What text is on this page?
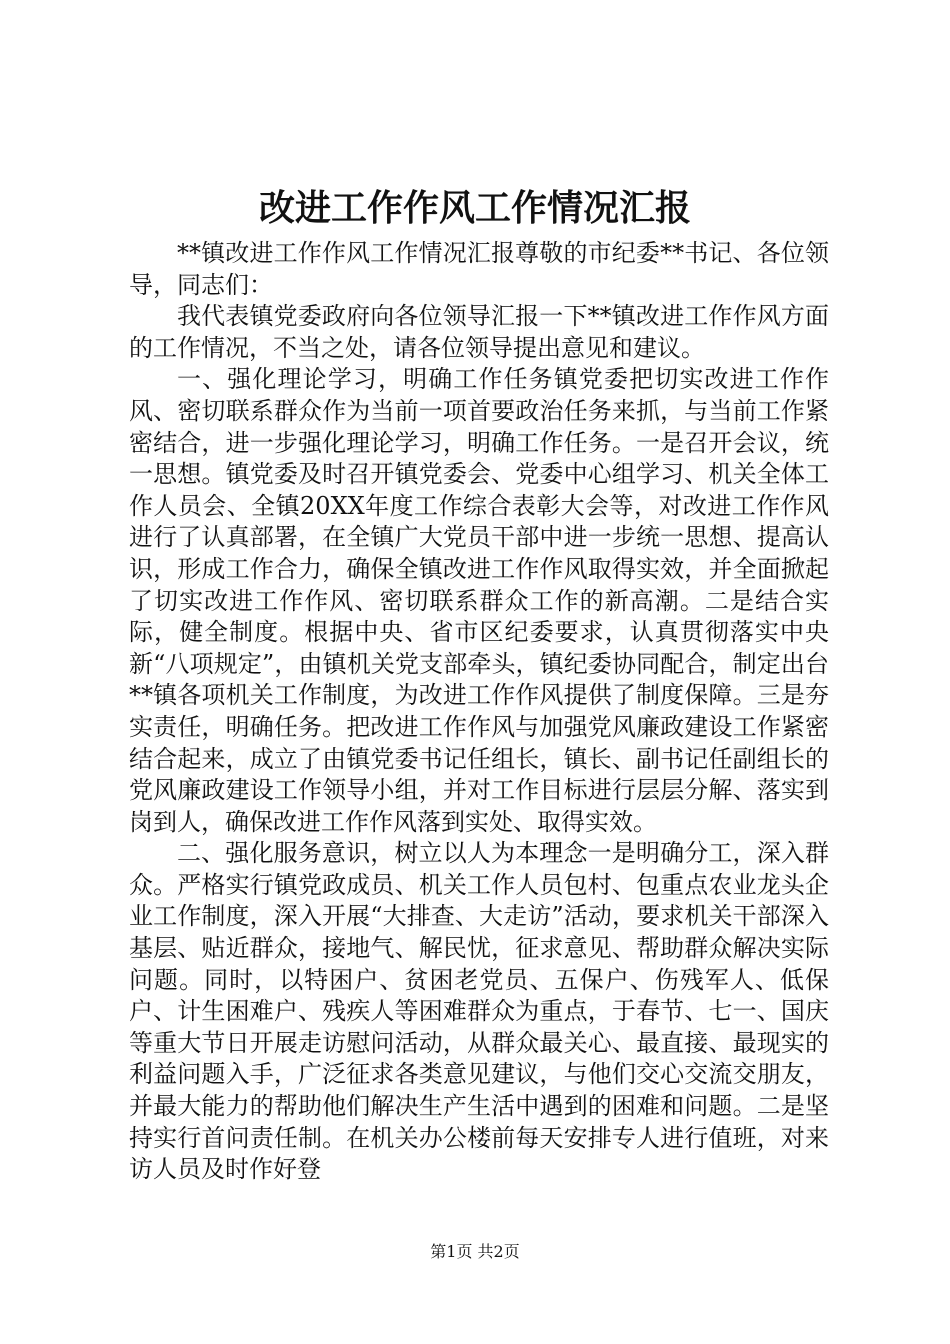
改进工作作风工作情况汇报

**镇改进工作作风工作情况汇报尊敬的市纪委**书记、各位领导，同志们：

我代表镇党委政府向各位领导汇报一下**镇改进工作作风方面的工作情况，不当之处，请各位领导提出意见和建议。

一、强化理论学习，明确工作任务镇党委把切实改进工作作风、密切联系群众作为当前一项首要政治任务来抓，与当前工作紧密结合，进一步强化理论学习，明确工作任务。一是召开会议，统一思想。镇党委及时召开镇党委会、党委中心组学习、机关全体工作人员会、全镇20XX年度工作综合表彰大会等，对改进工作作风进行了认真部署，在全镇广大党员干部中进一步统一思想、提高认识，形成工作合力，确保全镇改进工作作风取得实效，并全面掀起了切实改进工作作风、密切联系群众工作的新高潮。二是结合实际，健全制度。根据中央、省市区纪委要求，认真贯彻落实中央新“八项规定”，由镇机关党支部牵头，镇纪委协同配合，制定出台**镇各项机关工作制度，为改进工作作风提供了制度保障。三是夯实责任，明确任务。把改进工作作风与加强党风廉政建设工作紧密结合起来，成立了由镇党委书记任组长，镇长、副书记任副组长的党风廉政建设工作领导小组，并对工作目标进行层层分解、落实到岗到人，确保改进工作作风落到实处、取得实效。

二、强化服务意识，树立以人为本理念一是明确分工，深入群众。严格实行镇党政成员、机关工作人员包村、包重点农业龙头企业工作制度，深入开展“大排查、大走访”活动，要求机关干部深入基层、贴近群众，接地气、解民忧，征求意见、帮助群众解决实际问题。同时，以特困户、贫困老党员、五保户、伤残军人、低保户、计生困难户、残疾人等困难群众为重点，于春节、七一、国庆等重大节日开展走访慰问活动，从群众最关心、最直接、最现实的利益问题入手，广泛征求各类意见建议，与他们交心交流交朋友，并最大能力的帮助他们解决生产生活中遇到的困难和问题。二是坚持实行首问责任制。在机关办公楼前每天安排专人进行值班，对来访人员及时作好登

第1页 共2页
